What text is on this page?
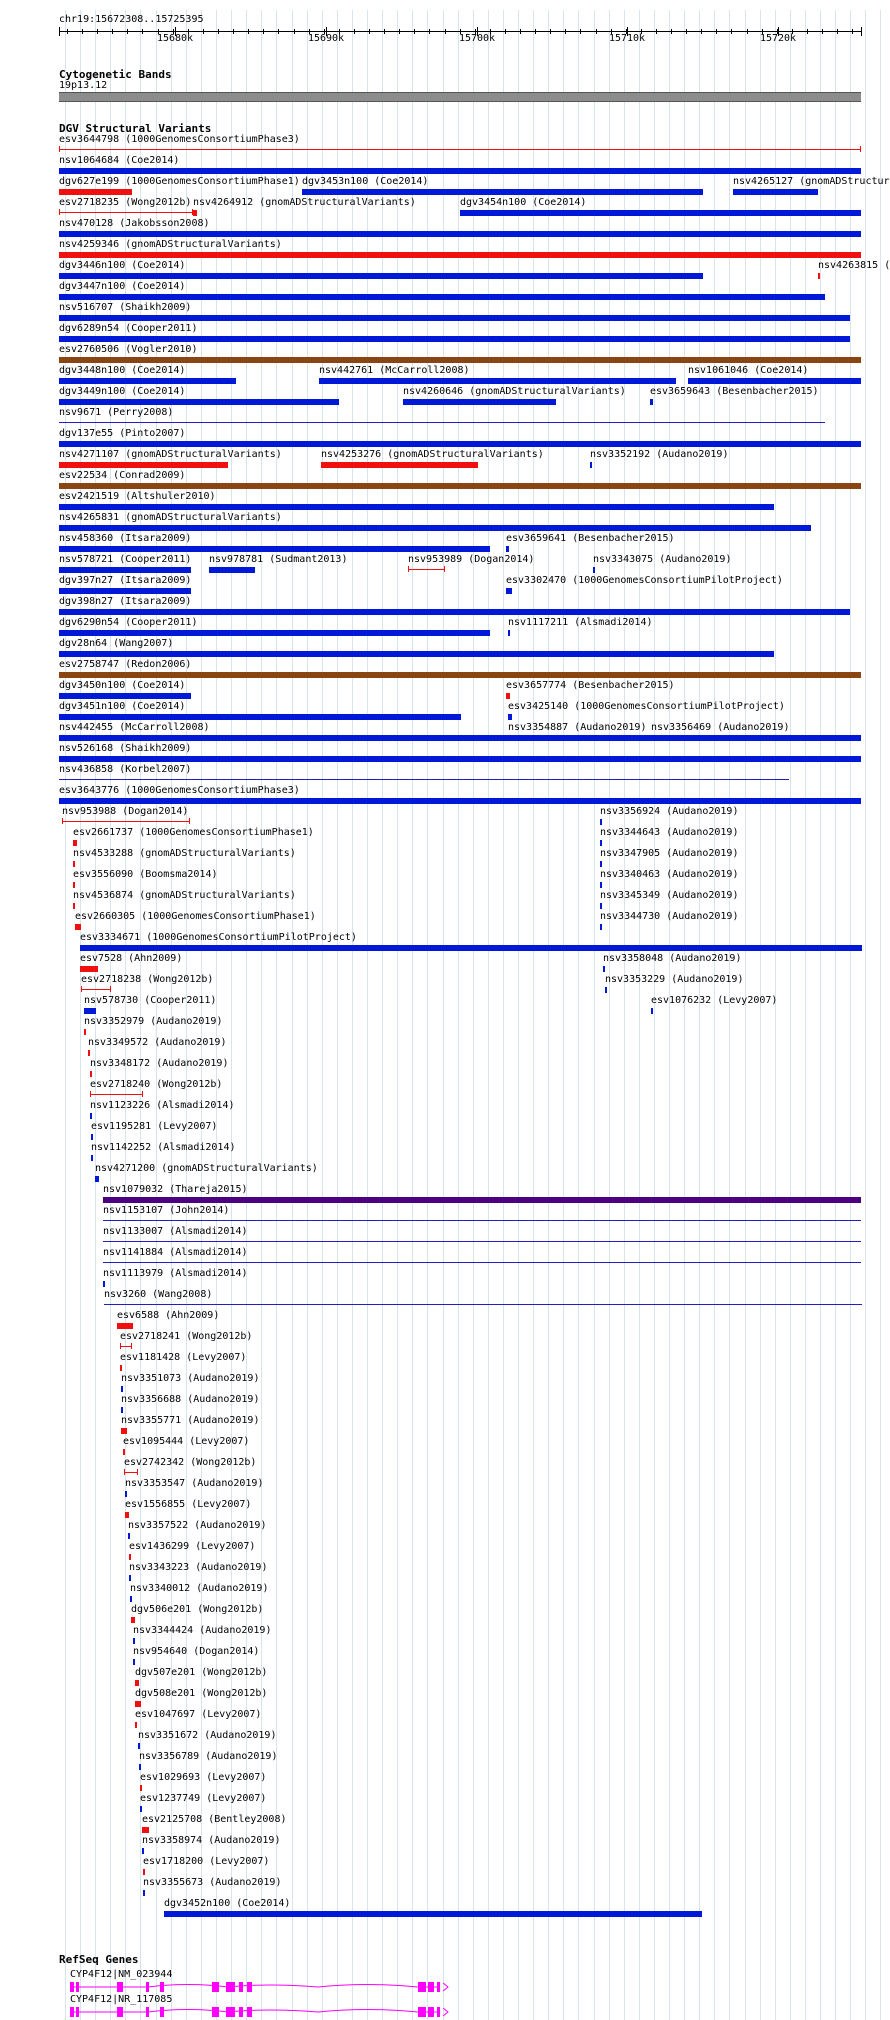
chr19:15672308..15725395
15680k	15690k	15700k	15710k	15720k
Cytogenetic Bands
19p13.12
DGV Structural Variants
esv3644798 (1000GenomesConsortiumPhase3)
nsv1064684 (Coe2014)
dgv627e199 (1000GenomesConsortiumPhase1) dgv3453n100 (Coe2014)	nsv4265127 (gnomADStructur
esv2718235 (Wong2012b) nsv4264912 (gnomADStructuralVariants)	dgv3454n100 (Coe2014)
nsv470128 (Jakobsson2008)
nsv4259346 (gnomADStructuralVariants)
dgv3446n100 (Coe2014)	nsv4263815 (
dgv3447n100 (Coe2014)
nsv516707 (Shaikh2009)
dgv6289n54 (Cooper2011)
esv2760506 (Vogler2010)
dgv3448n100 (Coe2014)	nsv442761 (McCarroll2008)	nsv1061046 (Coe2014)
dgv3449n100 (Coe2014)	nsv4260646 (gnomADStructuralVariants) esv3659643 (Besenbacher2015)
nsv9671 (Perry2008)
dgv137e55 (Pinto2007)
nsv4271107 (gnomADStructuralVariants)	nsv4253276 (gnomADStructuralVariants)	nsv3352192 (Audano2019)
esv22534 (Conrad2009)
esv2421519 (Altshuler2010)
nsv4265831 (gnomADStructuralVariants)
nsv458360 (Itsara2009)	esv3659641 (Besenbacher2015)
nsv578721 (Cooper2011) nsv978781 (Sudmant2013)	nsv953989 (Dogan2014)	nsv3343075 (Audano2019)
dgv397n27 (Itsara2009)	esv3302470 (1000GenomesConsortiumPilotProject)
dgv398n27 (Itsara2009)
dgv6290n54 (Cooper2011)	nsv1117211 (Alsmadi2014)
dgv28n64 (Wang2007)
esv2758747 (Redon2006)
dgv3450n100 (Coe2014)	esv3657774 (Besenbacher2015)
dgv3451n100 (Coe2014)	esv3425140 (1000GenomesConsortiumPilotProject)
nsv442455 (McCarroll2008)	nsv3354887 (Audano2019) nsv3356469 (Audano2019)
nsv526168 (Shaikh2009)
nsv436858 (Korbel2007)
esv3643776 (1000GenomesConsortiumPhase3)
nsv953988 (Dogan2014)	nsv3356924 (Audano2019)
esv2661737 (1000GenomesConsortiumPhase1)	nsv3344643 (Audano2019)
nsv4533288 (gnomADStructuralVariants)	nsv3347905 (Audano2019)
esv3556090 (Boomsma2014)	nsv3340463 (Audano2019)
nsv4536874 (gnomADStructuralVariants)	nsv3345349 (Audano2019)
esv2660305 (1000GenomesConsortiumPhase1)	nsv3344730 (Audano2019)
esv3334671 (1000GenomesConsortiumPilotProject)
esv7528 (Ahn2009)	nsv3358048 (Audano2019)
esv2718238 (Wong2012b)	nsv3353229 (Audano2019)
nsv578730 (Cooper2011)	esv1076232 (Levy2007)
nsv3352979 (Audano2019)
nsv3349572 (Audano2019)
nsv3348172 (Audano2019)
esv2718240 (Wong2012b)
nsv1123226 (Alsmadi2014)
esv1195281 (Levy2007)
nsv1142252 (Alsmadi2014)
nsv4271200 (gnomADStructuralVariants)
nsv1079032 (Thareja2015)
nsv1153107 (John2014)
nsv1133007 (Alsmadi2014)
nsv1141884 (Alsmadi2014)
nsv1113979 (Alsmadi2014)
nsv3260 (Wang2008)
esv6588 (Ahn2009)
esv2718241 (Wong2012b)
esv1181428 (Levy2007)
nsv3351073 (Audano2019)
nsv3356688 (Audano2019)
nsv3355771 (Audano2019)
esv1095444 (Levy2007)
esv2742342 (Wong2012b)
nsv3353547 (Audano2019)
esv1556855 (Levy2007)
nsv3357522 (Audano2019)
esv1436299 (Levy2007)
nsv3343223 (Audano2019)
nsv3340012 (Audano2019)
dgv506e201 (Wong2012b)
nsv3344424 (Audano2019)
nsv954640 (Dogan2014)
dgv507e201 (Wong2012b)
dgv508e201 (Wong2012b)
esv1047697 (Levy2007)
nsv3351672 (Audano2019)
nsv3356789 (Audano2019)
esv1029693 (Levy2007)
esv1237749 (Levy2007)
esv2125708 (Bentley2008)
nsv3358974 (Audano2019)
esv1718200 (Levy2007)
nsv3355673 (Audano2019)
dgv3452n100 (Coe2014)
RefSeq Genes
CYP4F12|NM_023944
CYP4F12|NR_117085
